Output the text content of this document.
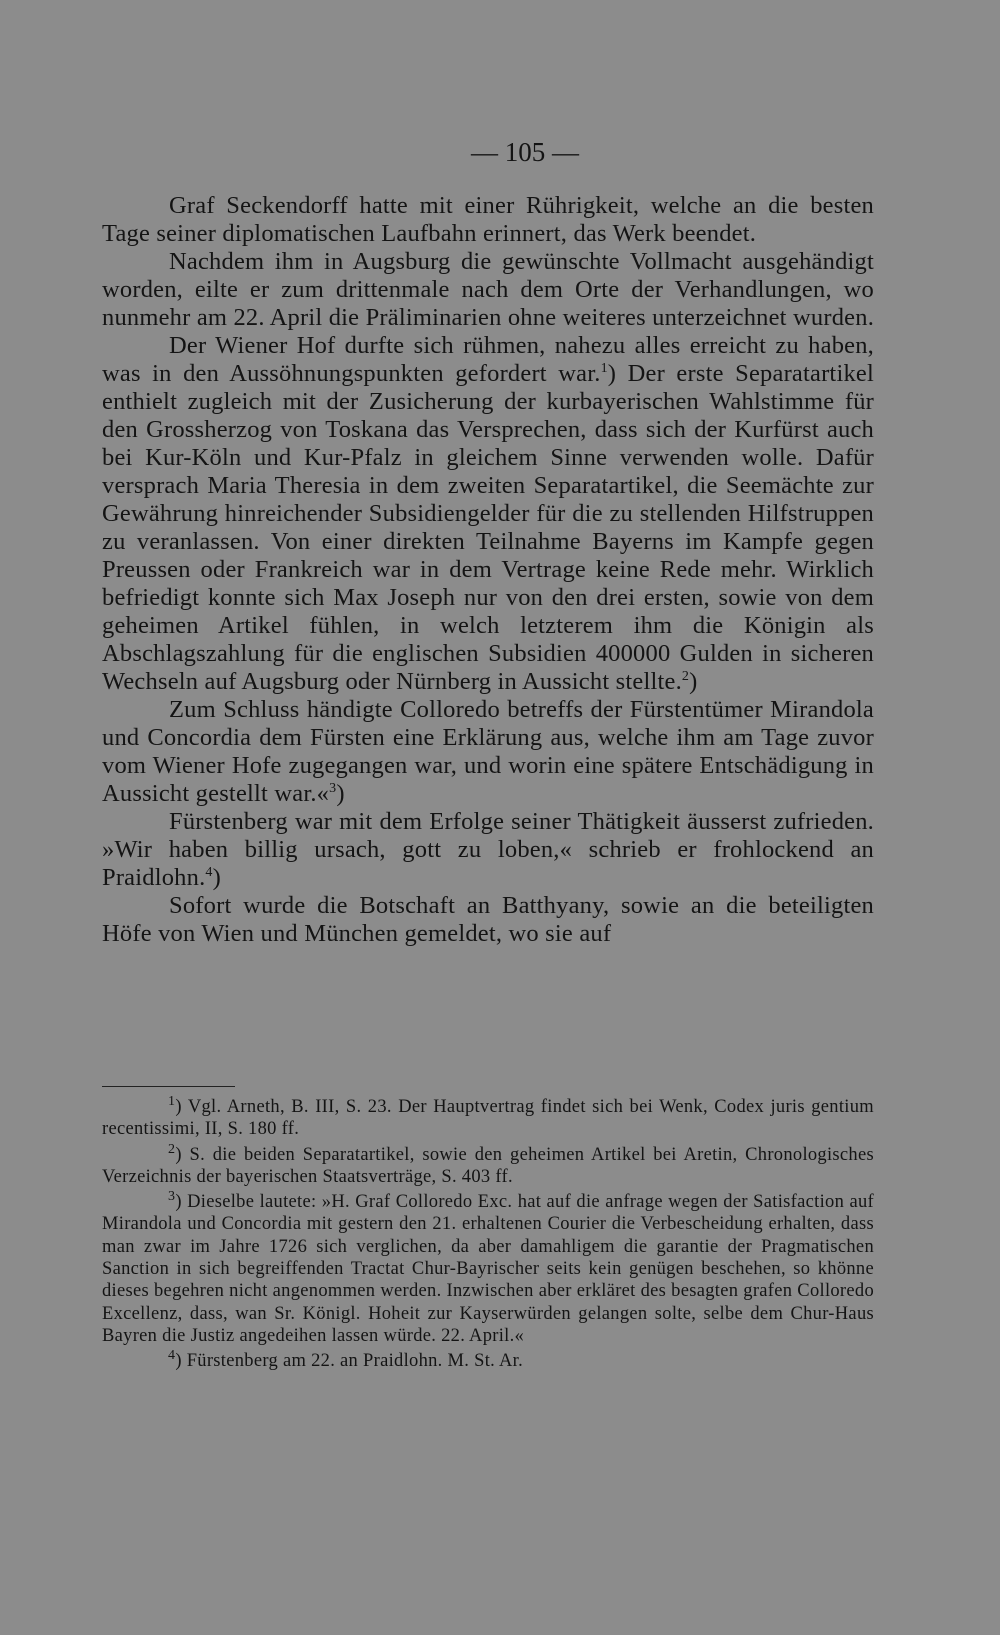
— 105 —

Graf Seckendorff hatte mit einer Rührigkeit, welche an die besten Tage seiner diplomatischen Laufbahn erinnert, das Werk beendet.

Nachdem ihm in Augsburg die gewünschte Vollmacht ausgehändigt worden, eilte er zum drittenmale nach dem Orte der Verhandlungen, wo nunmehr am 22. April die Präliminarien ohne weiteres unterzeichnet wurden.

Der Wiener Hof durfte sich rühmen, nahezu alles erreicht zu haben, was in den Aussöhnungspunkten gefordert war.$^1$) Der erste Separatartikel enthielt zugleich mit der Zusicherung der kurbayerischen Wahlstimme für den Grossherzog von Toskana das Versprechen, dass sich der Kurfürst auch bei Kur-Köln und Kur-Pfalz in gleichem Sinne verwenden wolle. Dafür versprach Maria Theresia in dem zweiten Separatartikel, die Seemächte zur Gewährung hinreichender Subsidiengelder für die zu stellenden Hilfstruppen zu veranlassen. Von einer direkten Teilnahme Bayerns im Kampfe gegen Preussen oder Frankreich war in dem Vertrage keine Rede mehr. Wirklich befriedigt konnte sich Max Joseph nur von den drei ersten, sowie von dem geheimen Artikel fühlen, in welch letzterem ihm die Königin als Abschlagszahlung für die englischen Subsidien 400000 Gulden in sicheren Wechseln auf Augsburg oder Nürnberg in Aussicht stellte.$^2$)

Zum Schluss händigte Colloredo betreffs der Fürstentümer Mirandola und Concordia dem Fürsten eine Erklärung aus, welche ihm am Tage zuvor vom Wiener Hofe zugegangen war, und worin eine spätere Entschädigung in Aussicht gestellt war.«$^3$)

Fürstenberg war mit dem Erfolge seiner Thätigkeit äusserst zufrieden. »Wir haben billig ursach, gott zu loben,« schrieb er frohlockend an Praidlohn.$^4$)

Sofort wurde die Botschaft an Batthyany, sowie an die beteiligten Höfe von Wien und München gemeldet, wo sie auf

$^1$) Vgl. Arneth, B. III, S. 23. Der Hauptvertrag findet sich bei Wenk, Codex juris gentium recentissimi, II, S. 180 ff.

$^2$) S. die beiden Separatartikel, sowie den geheimen Artikel bei Aretin, Chronologisches Verzeichnis der bayerischen Staatsverträge, S. 403 ff.

$^3$) Dieselbe lautete: »H. Graf Colloredo Exc. hat auf die anfrage wegen der Satisfaction auf Mirandola und Concordia mit gestern den 21. erhaltenen Courier die Verbescheidung erhalten, dass man zwar im Jahre 1726 sich verglichen, da aber damahligem die garantie der Pragmatischen Sanction in sich begreiffenden Tractat Chur-Bayrischer seits kein genügen beschehen, so khönne dieses begehren nicht angenommen werden. Inzwischen aber erkläret des besagten grafen Colloredo Excellenz, dass, wan Sr. Königl. Hoheit zur Kayserwürden gelangen solte, selbe dem Chur-Haus Bayren die Justiz angedeihen lassen würde. 22. April.«

$^4$) Fürstenberg am 22. an Praidlohn. M. St. Ar.
